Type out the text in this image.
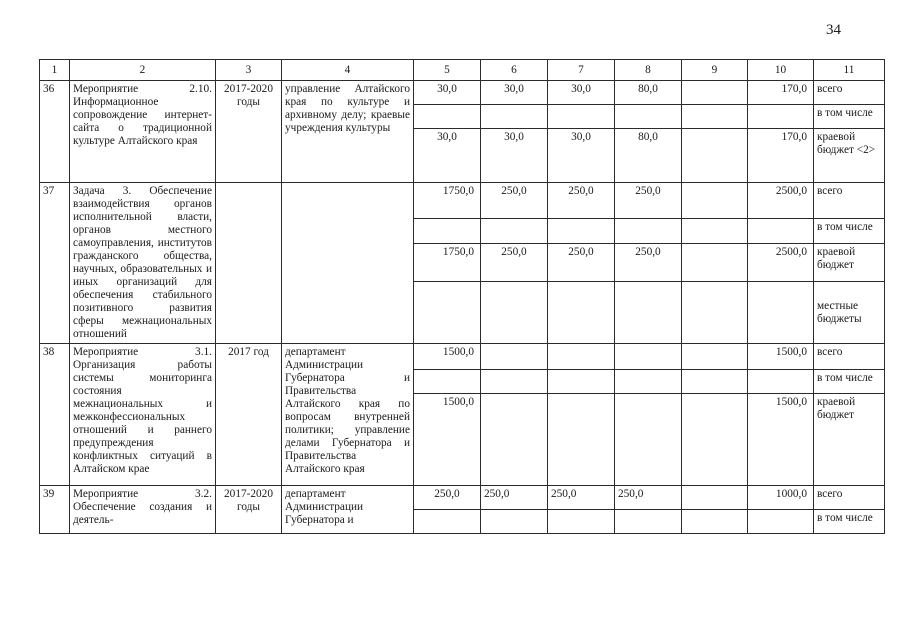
34
1	2	3	4	5	6	7	8	9	10	11
36	Мероприятие 2.10. Информационное сопровождение интернет-сайта о традиционной культуре Алтайского края	2017-2020 годы	управление Алтайского края по культуре и архивному делу; краевые учреждения культуры	30,0	30,0	30,0	80,0		170,0	всего
										в том числе
				30,0	30,0	30,0	80,0		170,0	краевой бюджет <2>
37	Задача 3. Обеспечение взаимодействия органов исполнительной власти, органов местного самоуправления, институтов гражданского общества, научных, образовательных и иных организаций для обеспечения стабильного позитивного развития сферы межнациональных отношений			1750,0	250,0	250,0	250,0		2500,0	всего
										в том числе
				1750,0	250,0	250,0	250,0		2500,0	краевой бюджет
										местные бюджеты
38	Мероприятие 3.1. Организация работы системы мониторинга состояния межнациональных и межконфессиональных отношений и раннего предупреждения конфликтных ситуаций в Алтайском крае	2017 год	департамент Администрации Губернатора и Правительства Алтайского края по вопросам внутренней политики; управление делами Губернатора и Правительства Алтайского края	1500,0					1500,0	всего
										в том числе
				1500,0					1500,0	краевой бюджет
39	Мероприятие 3.2. Обеспечение создания и деятель-	2017-2020 годы	департамент Администрации Губернатора и	250,0	250,0	250,0	250,0		1000,0	всего
										в том числе
